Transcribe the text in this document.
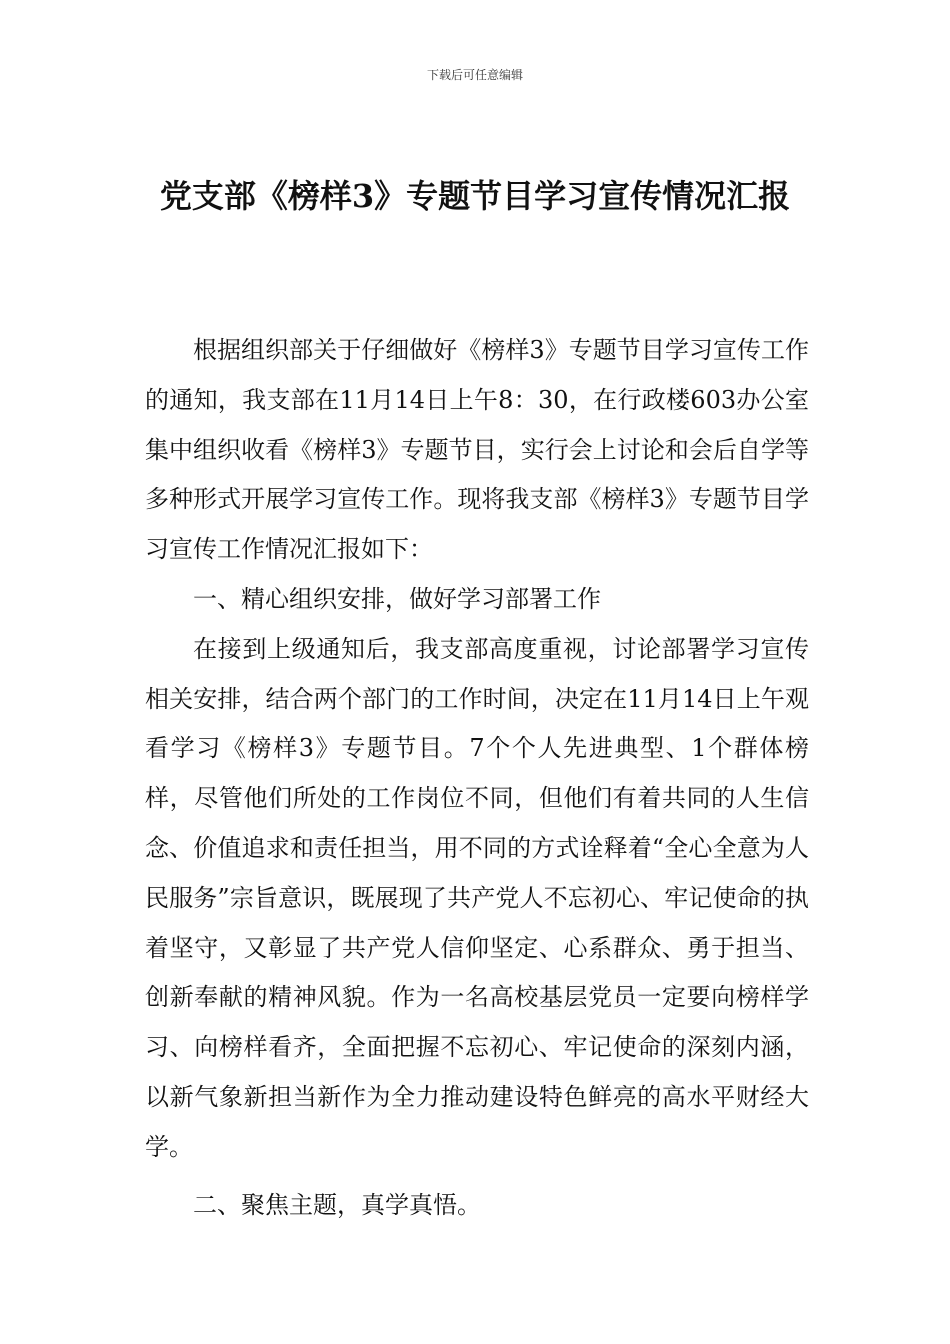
下载后可任意编辑
党支部《榜样3》专题节目学习宣传情况汇报

根据组织部关于仔细做好《榜样3》专题节目学习宣传工作的通知，我支部在11月14日上午8：30，在行政楼603办公室集中组织收看《榜样3》专题节目，实行会上讨论和会后自学等多种形式开展学习宣传工作。现将我支部《榜样3》专题节目学习宣传工作情况汇报如下：

一、精心组织安排，做好学习部署工作

在接到上级通知后，我支部高度重视，讨论部署学习宣传相关安排，结合两个部门的工作时间，决定在11月14日上午观看学习《榜样3》专题节目。7个个人先进典型、1个群体榜样，尽管他们所处的工作岗位不同，但他们有着共同的人生信念、价值追求和责任担当，用不同的方式诠释着“全心全意为人民服务”宗旨意识，既展现了共产党人不忘初心、牢记使命的执着坚守，又彰显了共产党人信仰坚定、心系群众、勇于担当、创新奉献的精神风貌。作为一名高校基层党员一定要向榜样学习、向榜样看齐，全面把握不忘初心、牢记使命的深刻内涵，以新气象新担当新作为全力推动建设特色鲜亮的高水平财经大学。

二、聚焦主题，真学真悟。
